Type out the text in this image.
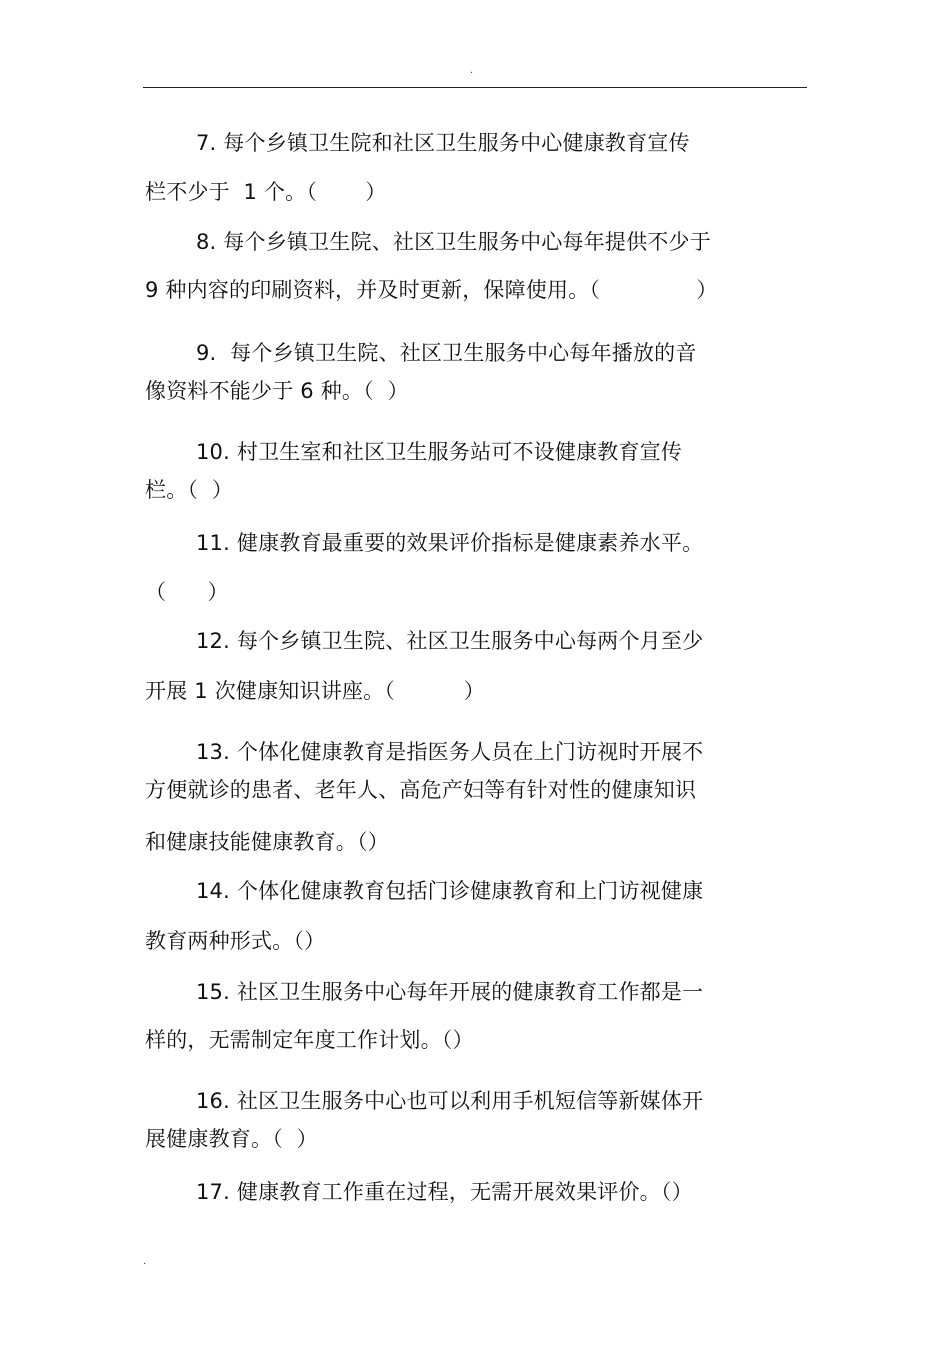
.
7. 每个乡镇卫生院和社区卫生服务中心健康教育宣传
栏不少于  1 个。（       ）
8. 每个乡镇卫生院、社区卫生服务中心每年提供不少于
9 种内容的印刷资料，并及时更新，保障使用。（              ）
9.  每个乡镇卫生院、社区卫生服务中心每年播放的音
像资料不能少于 6 种。（  ）
10. 村卫生室和社区卫生服务站可不设健康教育宣传
栏。（  ）
11. 健康教育最重要的效果评价指标是健康素养水平。
（      ）
12. 每个乡镇卫生院、社区卫生服务中心每两个月至少
开展 1 次健康知识讲座。（          ）
13. 个体化健康教育是指医务人员在上门访视时开展不
方便就诊的患者、老年人、高危产妇等有针对性的健康知识
和健康技能健康教育。（）
14. 个体化健康教育包括门诊健康教育和上门访视健康
教育两种形式。（）
15. 社区卫生服务中心每年开展的健康教育工作都是一
样的，无需制定年度工作计划。（）
16. 社区卫生服务中心也可以利用手机短信等新媒体开
展健康教育。（  ）
17. 健康教育工作重在过程，无需开展效果评价。（）
.
